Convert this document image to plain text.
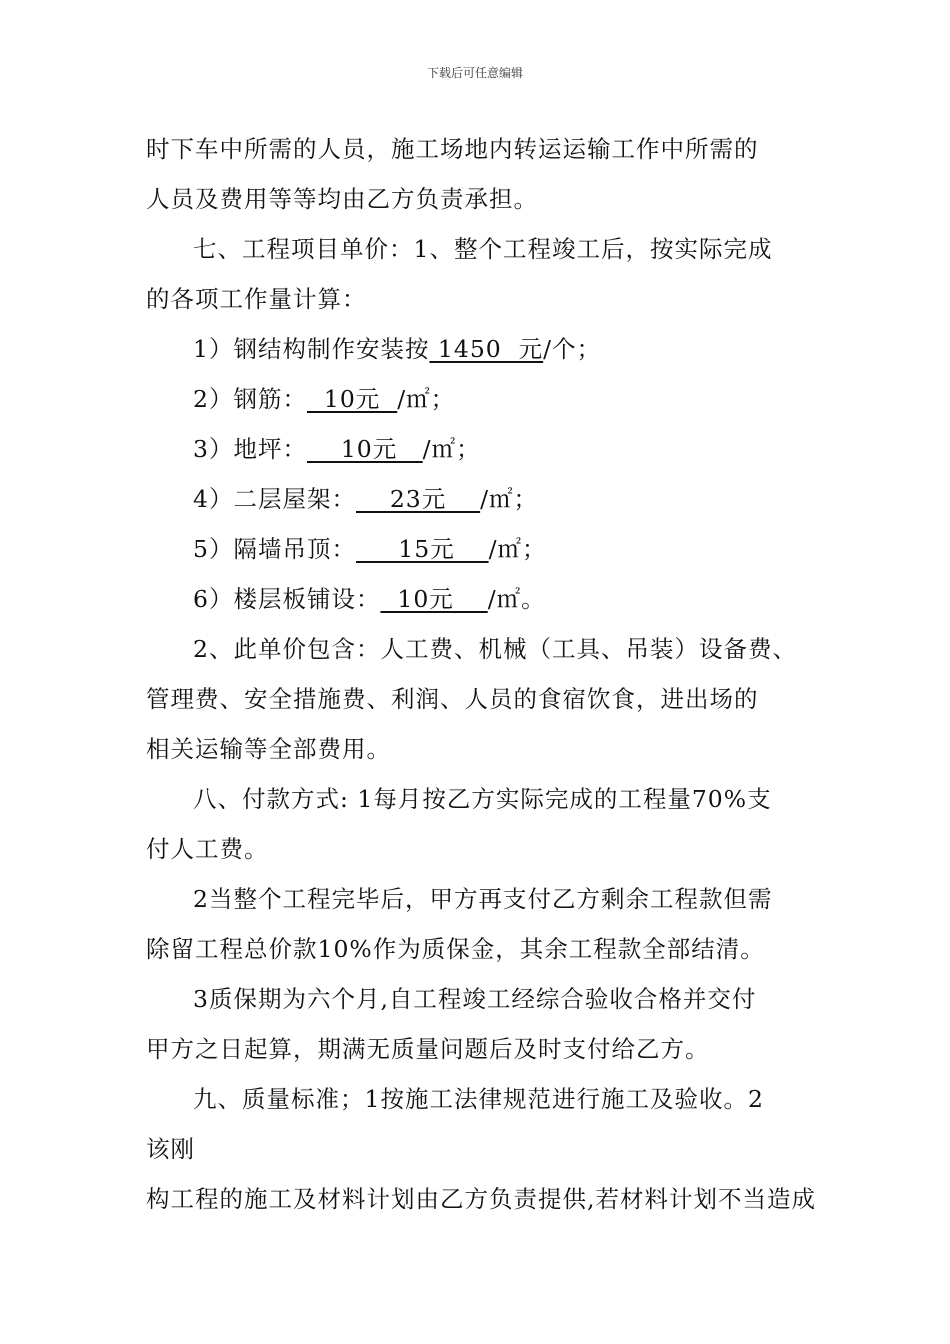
下载后可任意编辑
时下车中所需的人员，施工场地内转运运输工作中所需的
人员及费用等等均由乙方负责承担。
七、工程项目单价：1、整个工程竣工后，按实际完成
的各项工作量计算：
1）钢结构制作安装按 1450  元/个；
2）钢筋：  10元  /㎡；
3）地坪：    10元   /㎡；
4）二层屋架：    23元    /㎡；
5）隔墙吊顶：     15元    /㎡；
6）楼层板铺设：  10元    /㎡。
2、此单价包含：人工费、机械（工具、吊装）设备费、
管理费、安全措施费、利润、人员的食宿饮食，进出场的
相关运输等全部费用。
八、付款方式: 1每月按乙方实际完成的工程量70%支
付人工费。
2当整个工程完毕后，甲方再支付乙方剩余工程款但需
除留工程总价款10%作为质保金，其余工程款全部结清。
3质保期为六个月,自工程竣工经综合验收合格并交付
甲方之日起算，期满无质量问题后及时支付给乙方。
九、质量标准；1按施工法律规范进行施工及验收。2
该刚
构工程的施工及材料计划由乙方负责提供,若材料计划不当造成
